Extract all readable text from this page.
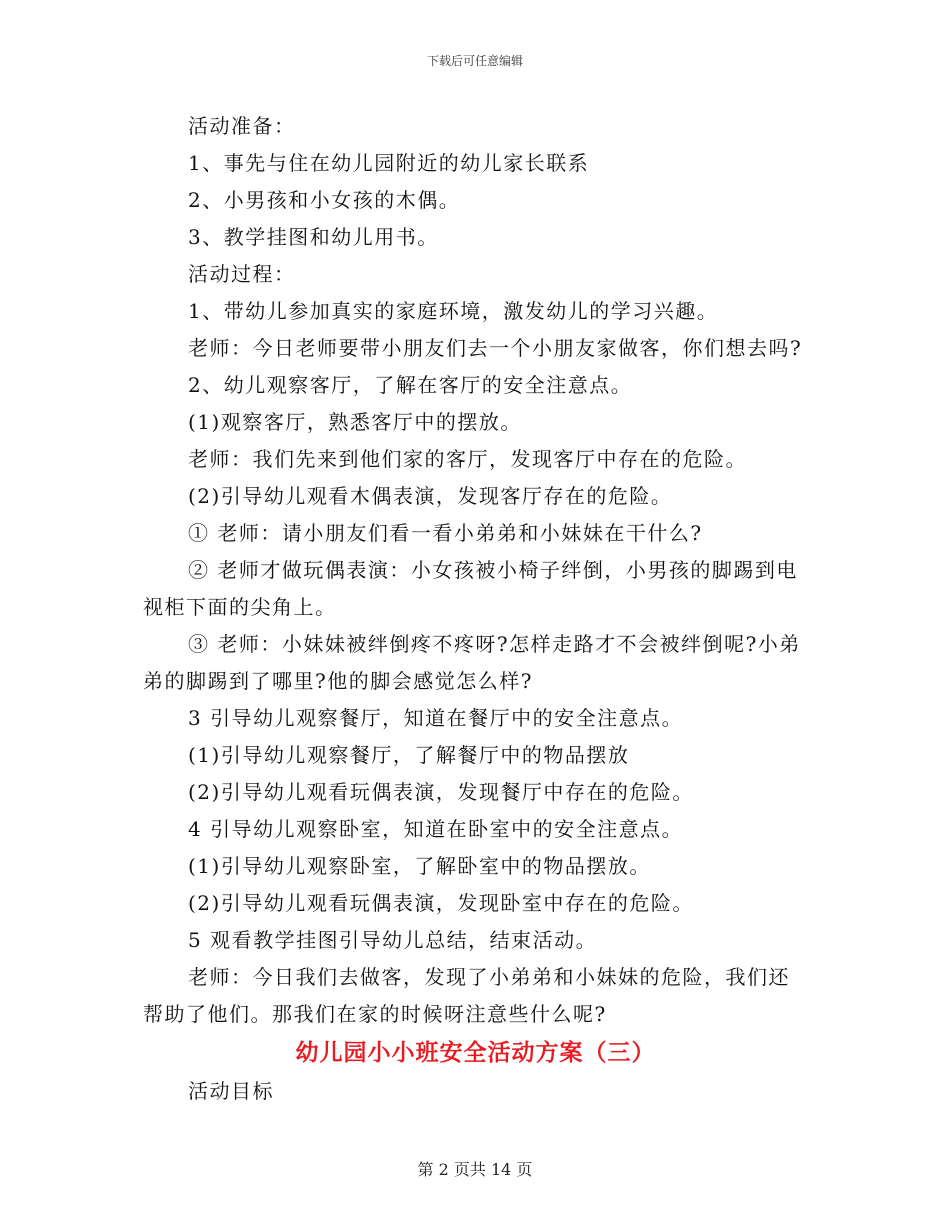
下载后可任意编辑

活动准备：

1、事先与住在幼儿园附近的幼儿家长联系

2、小男孩和小女孩的木偶。

3、教学挂图和幼儿用书。

活动过程：

1、带幼儿参加真实的家庭环境，激发幼儿的学习兴趣。

老师：今日老师要带小朋友们去一个小朋友家做客，你们想去吗?

2、幼儿观察客厅，了解在客厅的安全注意点。

(1)观察客厅，熟悉客厅中的摆放。

老师：我们先来到他们家的客厅，发现客厅中存在的危险。

(2)引导幼儿观看木偶表演，发现客厅存在的危险。

① 老师：请小朋友们看一看小弟弟和小妹妹在干什么?

② 老师才做玩偶表演：小女孩被小椅子绊倒，小男孩的脚踢到电视柜下面的尖角上。

③ 老师：小妹妹被绊倒疼不疼呀?怎样走路才不会被绊倒呢?小弟弟的脚踢到了哪里?他的脚会感觉怎么样?

3 引导幼儿观察餐厅，知道在餐厅中的安全注意点。

(1)引导幼儿观察餐厅，了解餐厅中的物品摆放

(2)引导幼儿观看玩偶表演，发现餐厅中存在的危险。

4 引导幼儿观察卧室，知道在卧室中的安全注意点。

(1)引导幼儿观察卧室，了解卧室中的物品摆放。

(2)引导幼儿观看玩偶表演，发现卧室中存在的危险。

5 观看教学挂图引导幼儿总结，结束活动。

老师：今日我们去做客，发现了小弟弟和小妹妹的危险，我们还帮助了他们。那我们在家的时候呀注意些什么呢?

幼儿园小小班安全活动方案（三）

活动目标

第 2 页共 14 页
